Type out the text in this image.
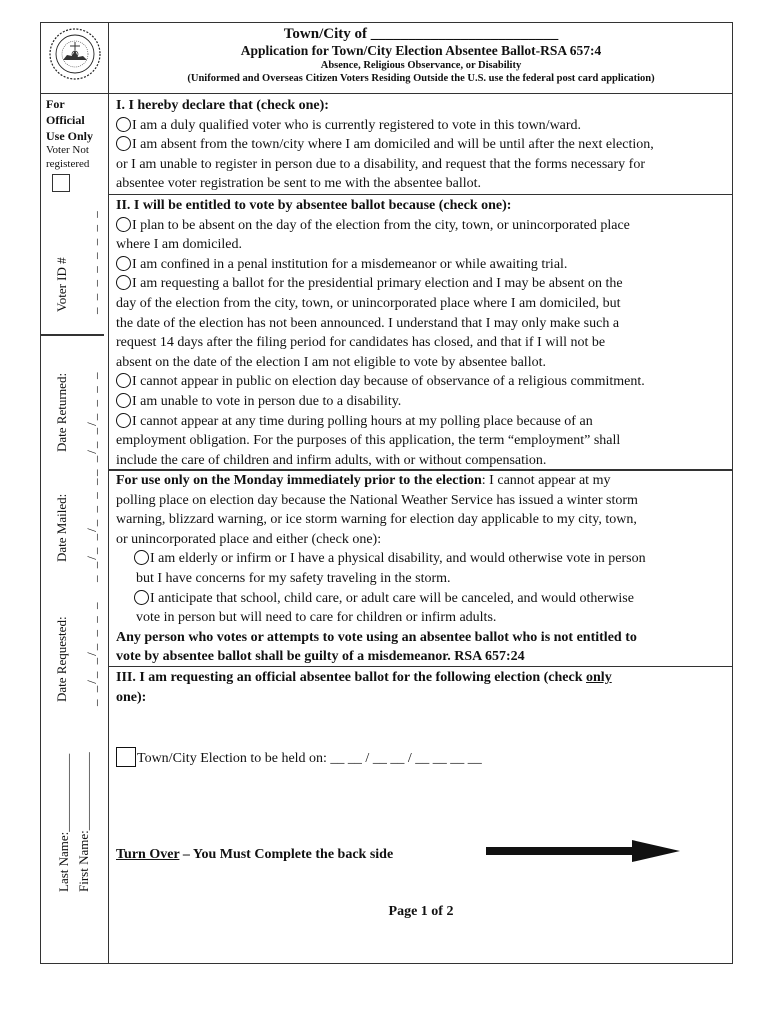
Town/City of _________________________
Application for Town/City Election Absentee Ballot-RSA 657:4
Absence, Religious Observance, or Disability
(Uniformed and Overseas Citizen Voters Residing Outside the U.S. use the federal post card application)
For
Official
Use Only
Voter Not
registered
Voter ID # _ _ _ _ _ _ _ _
Date Returned: _ _/_ _/_ _ _ _
Date Mailed: _ _/_ _/_ _ _ _
Date Requested: _ _/_ _/_ _ _ _
Last Name:____________ First Name:____________
I. I hereby declare that (check one):
I am a duly qualified voter who is currently registered to vote in this town/ward.
I am absent from the town/city where I am domiciled and will be until after the next election,
or I am unable to register in person due to a disability, and request that the forms necessary for
absentee voter registration be sent to me with the absentee ballot.
II. I will be entitled to vote by absentee ballot because (check one):
I plan to be absent on the day of the election from the city, town, or unincorporated place
where I am domiciled.
I am confined in a penal institution for a misdemeanor or while awaiting trial.
I am requesting a ballot for the presidential primary election and I may be absent on the
day of the election from the city, town, or unincorporated place where I am domiciled, but
the date of the election has not been announced. I understand that I may only make such a
request 14 days after the filing period for candidates has closed, and that if I will not be
absent on the date of the election I am not eligible to vote by absentee ballot.
I cannot appear in public on election day because of observance of a religious commitment.
I am unable to vote in person due to a disability.
I cannot appear at any time during polling hours at my polling place because of an
employment obligation. For the purposes of this application, the term “employment” shall
include the care of children and infirm adults, with or without compensation.
For use only on the Monday immediately prior to the election: I cannot appear at my
polling place on election day because the National Weather Service has issued a winter storm
warning, blizzard warning, or ice storm warning for election day applicable to my city, town,
or unincorporated place and either (check one):
I am elderly or infirm or I have a physical disability, and would otherwise vote in person
but I have concerns for my safety traveling in the storm.
I anticipate that school, child care, or adult care will be canceled, and would otherwise
vote in person but will need to care for children or infirm adults.
Any person who votes or attempts to vote using an absentee ballot who is not entitled to
vote by absentee ballot shall be guilty of a misdemeanor. RSA 657:24
III. I am requesting an official absentee ballot for the following election (check only
one):
Town/City Election to be held on: __ __ / __ __ / __ __ __ __
Turn Over – You Must Complete the back side
Page 1 of 2
